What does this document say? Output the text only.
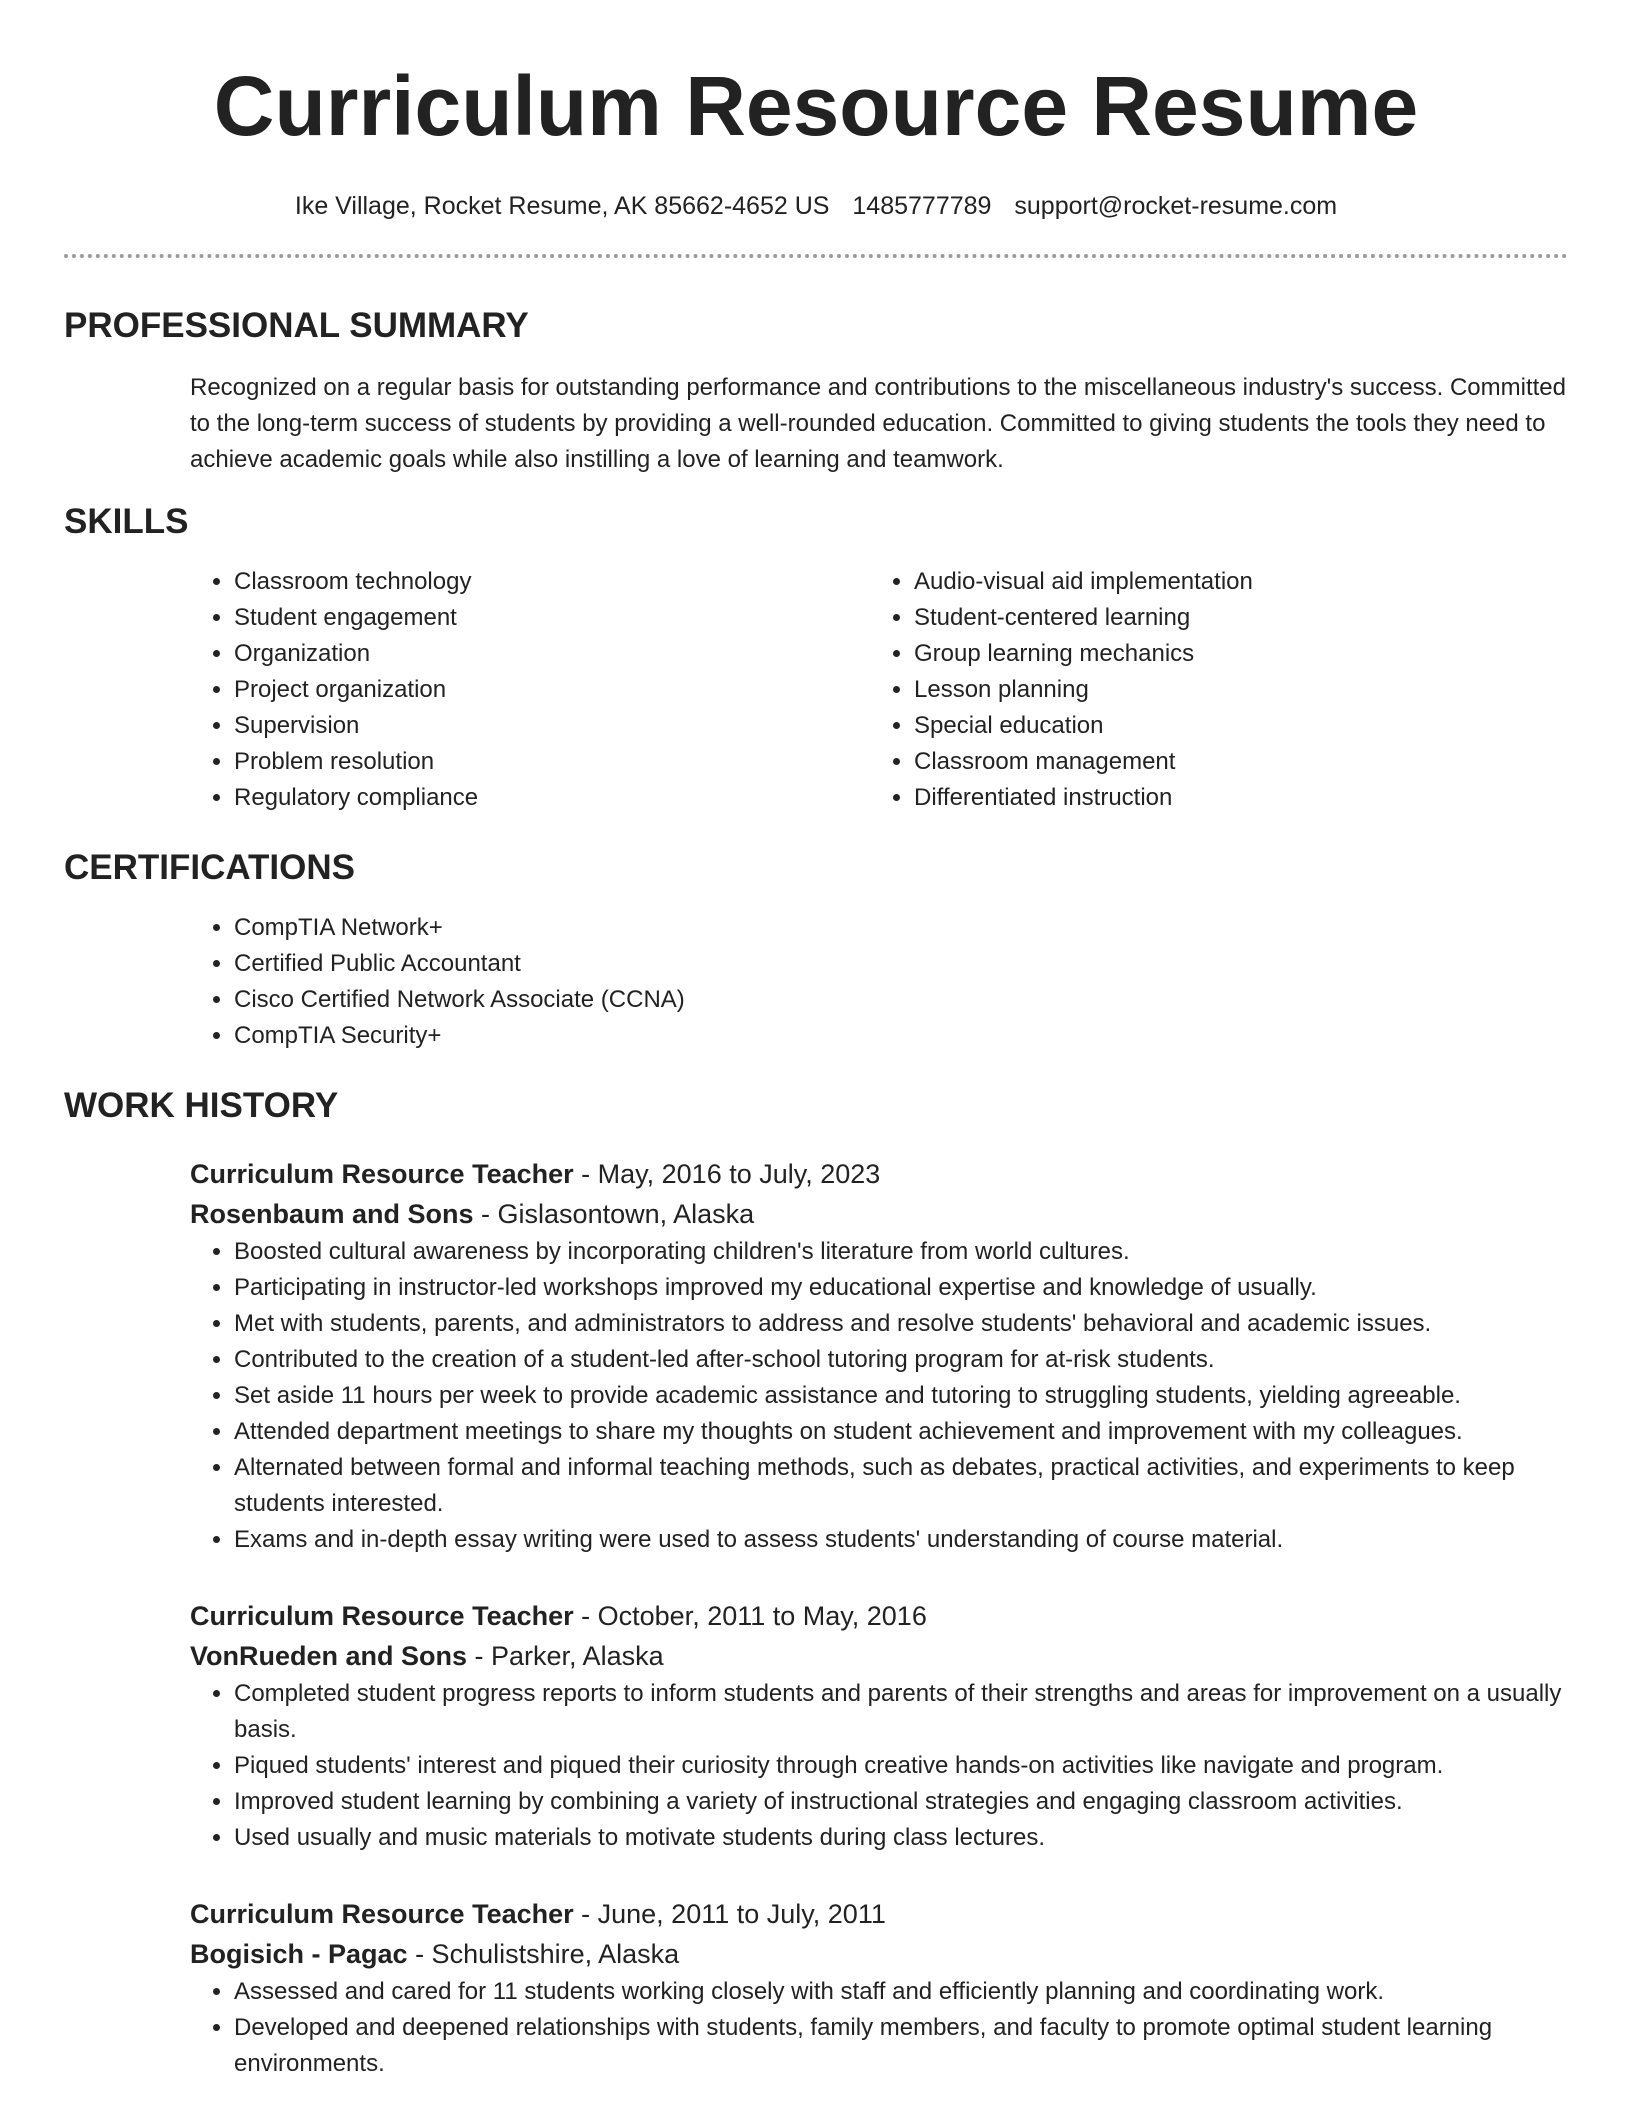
Curriculum Resource Resume
Ike Village, Rocket Resume, AK 85662-4652 US 1485777789 support@rocket-resume.com
PROFESSIONAL SUMMARY
Recognized on a regular basis for outstanding performance and contributions to the miscellaneous industry's success. Committed to the long-term success of students by providing a well-rounded education. Committed to giving students the tools they need to achieve academic goals while also instilling a love of learning and teamwork.
SKILLS
• Classroom technology
• Student engagement
• Organization
• Project organization
• Supervision
• Problem resolution
• Regulatory compliance
• Audio-visual aid implementation
• Student-centered learning
• Group learning mechanics
• Lesson planning
• Special education
• Classroom management
• Differentiated instruction
CERTIFICATIONS
• CompTIA Network+
• Certified Public Accountant
• Cisco Certified Network Associate (CCNA)
• CompTIA Security+
WORK HISTORY
Curriculum Resource Teacher - May, 2016 to July, 2023
Rosenbaum and Sons - Gislasontown, Alaska
• Boosted cultural awareness by incorporating children's literature from world cultures.
• Participating in instructor-led workshops improved my educational expertise and knowledge of usually.
• Met with students, parents, and administrators to address and resolve students' behavioral and academic issues.
• Contributed to the creation of a student-led after-school tutoring program for at-risk students.
• Set aside 11 hours per week to provide academic assistance and tutoring to struggling students, yielding agreeable.
• Attended department meetings to share my thoughts on student achievement and improvement with my colleagues.
• Alternated between formal and informal teaching methods, such as debates, practical activities, and experiments to keep students interested.
• Exams and in-depth essay writing were used to assess students' understanding of course material.
Curriculum Resource Teacher - October, 2011 to May, 2016
VonRueden and Sons - Parker, Alaska
• Completed student progress reports to inform students and parents of their strengths and areas for improvement on a usually basis.
• Piqued students' interest and piqued their curiosity through creative hands-on activities like navigate and program.
• Improved student learning by combining a variety of instructional strategies and engaging classroom activities.
• Used usually and music materials to motivate students during class lectures.
Curriculum Resource Teacher - June, 2011 to July, 2011
Bogisich - Pagac - Schulistshire, Alaska
• Assessed and cared for 11 students working closely with staff and efficiently planning and coordinating work.
• Developed and deepened relationships with students, family members, and faculty to promote optimal student learning environments.
